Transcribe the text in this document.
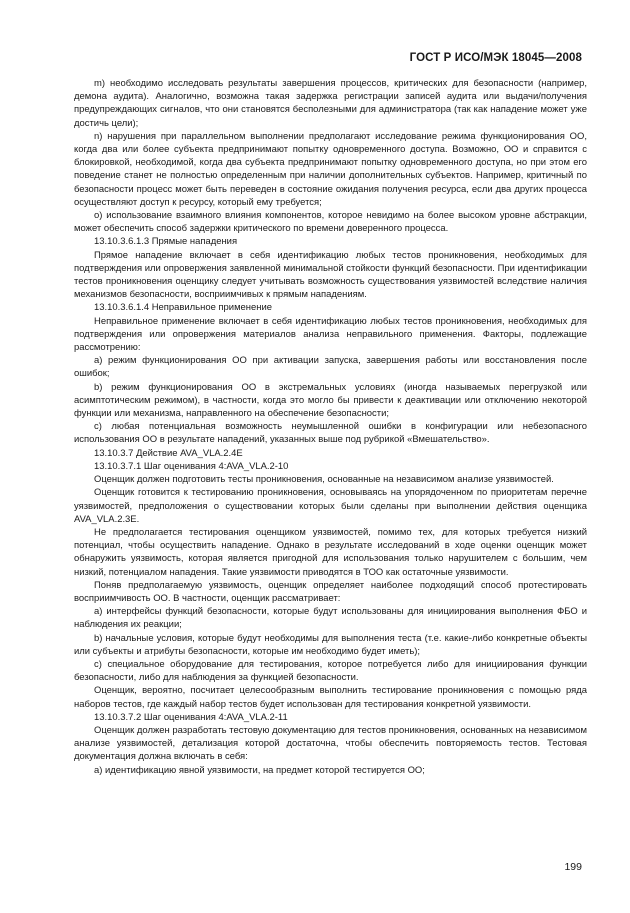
ГОСТ Р ИСО/МЭК 18045—2008

m) необходимо исследовать результаты завершения процессов, критических для безопасности (например, демона аудита). Аналогично, возможна такая задержка регистрации записей аудита или выдачи/получения предупреждающих сигналов, что они становятся бесполезными для администратора (так как нападение может уже достичь цели);

n) нарушения при параллельном выполнении предполагают исследование режима функционирования ОО, когда два или более субъекта предпринимают попытку одновременного доступа. Возможно, ОО и справится с блокировкой, необходимой, когда два субъекта предпринимают попытку одновременного доступа, но при этом его поведение станет не полностью определенным при наличии дополнительных субъектов. Например, критичный по безопасности процесс может быть переведен в состояние ожидания получения ресурса, если два других процесса осуществляют доступ к ресурсу, который ему требуется;

o) использование взаимного влияния компонентов, которое невидимо на более высоком уровне абстракции, может обеспечить способ задержки критического по времени доверенного процесса.

13.10.3.6.1.3 Прямые нападения

Прямое нападение включает в себя идентификацию любых тестов проникновения, необходимых для подтверждения или опровержения заявленной минимальной стойкости функций безопасности. При идентификации тестов проникновения оценщику следует учитывать возможность существования уязвимостей вследствие наличия механизмов безопасности, восприимчивых к прямым нападениям.

13.10.3.6.1.4 Неправильное применение

Неправильное применение включает в себя идентификацию любых тестов проникновения, необходимых для подтверждения или опровержения материалов анализа неправильного применения. Факторы, подлежащие рассмотрению:

a) режим функционирования ОО при активации запуска, завершения работы или восстановления после ошибок;

b) режим функционирования ОО в экстремальных условиях (иногда называемых перегрузкой или асимптотическим режимом), в частности, когда это могло бы привести к деактивации или отключению некоторой функции или механизма, направленного на обеспечение безопасности;

c) любая потенциальная возможность неумышленной ошибки в конфигурации или небезопасного использования ОО в результате нападений, указанных выше под рубрикой «Вмешательство».

13.10.3.7 Действие AVA_VLA.2.4E

13.10.3.7.1 Шаг оценивания 4:AVA_VLA.2-10

Оценщик должен подготовить тесты проникновения, основанные на независимом анализе уязвимостей.

Оценщик готовится к тестированию проникновения, основываясь на упорядоченном по приоритетам перечне уязвимостей, предположения о существовании которых были сделаны при выполнении действия оценщика AVA_VLA.2.3E.

Не предполагается тестирования оценщиком уязвимостей, помимо тех, для которых требуется низкий потенциал, чтобы осуществить нападение. Однако в результате исследований в ходе оценки оценщик может обнаружить уязвимость, которая является пригодной для использования только нарушителем с большим, чем низкий, потенциалом нападения. Такие уязвимости приводятся в ТОО как остаточные уязвимости.

Поняв предполагаемую уязвимость, оценщик определяет наиболее подходящий способ протестировать восприимчивость ОО. В частности, оценщик рассматривает:

a) интерфейсы функций безопасности, которые будут использованы для инициирования выполнения ФБО и наблюдения их реакции;

b) начальные условия, которые будут необходимы для выполнения теста (т.е. какие-либо конкретные объекты или субъекты и атрибуты безопасности, которые им необходимо будет иметь);

c) специальное оборудование для тестирования, которое потребуется либо для инициирования функции безопасности, либо для наблюдения за функцией безопасности.

Оценщик, вероятно, посчитает целесообразным выполнить тестирование проникновения с помощью ряда наборов тестов, где каждый набор тестов будет использован для тестирования конкретной уязвимости.

13.10.3.7.2 Шаг оценивания 4:AVA_VLA.2-11

Оценщик должен разработать тестовую документацию для тестов проникновения, основанных на независимом анализе уязвимостей, детализация которой достаточна, чтобы обеспечить повторяемость тестов. Тестовая документация должна включать в себя:

a) идентификацию явной уязвимости, на предмет которой тестируется ОО;

199
